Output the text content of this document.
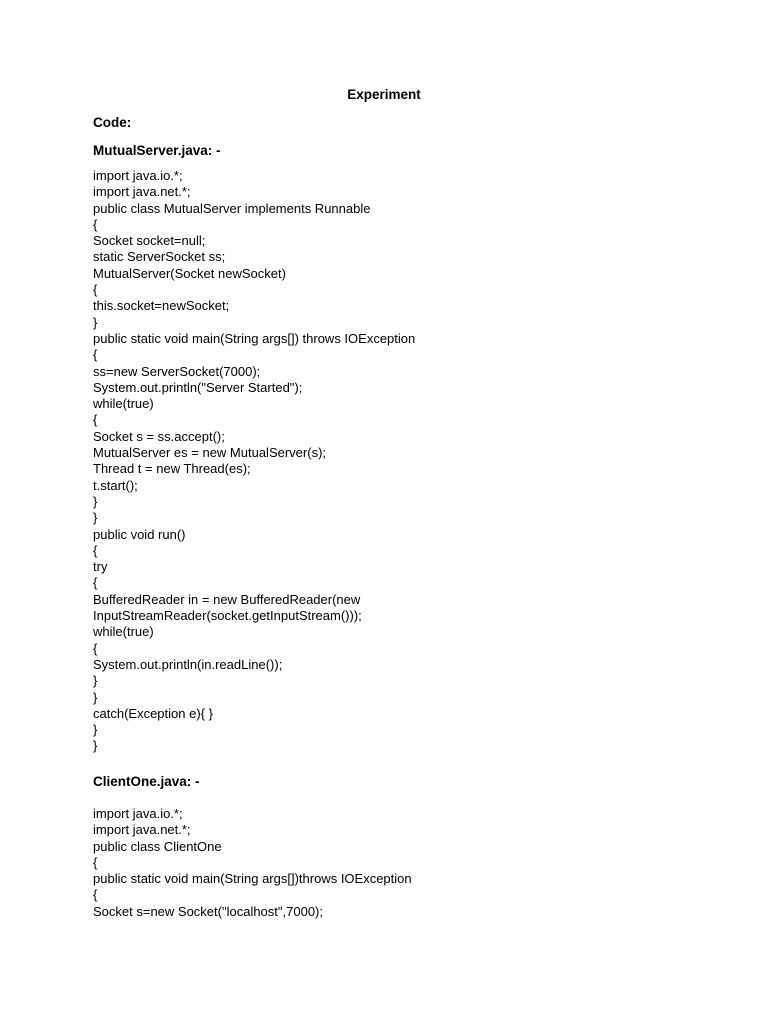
Experiment
Code:
MutualServer.java: -
import java.io.*;
import java.net.*;
public class MutualServer implements Runnable
{
Socket socket=null;
static ServerSocket ss;
MutualServer(Socket newSocket)
{
this.socket=newSocket;
}
public static void main(String args[]) throws IOException
{
ss=new ServerSocket(7000);
System.out.println("Server Started");
while(true)
{
Socket s = ss.accept();
MutualServer es = new MutualServer(s);
Thread t = new Thread(es);
t.start();
}
}
public void run()
{
try
{
BufferedReader in = new BufferedReader(new
InputStreamReader(socket.getInputStream()));
while(true)
{
System.out.println(in.readLine());
}
}
catch(Exception e){ }
}
}
ClientOne.java: -
import java.io.*;
import java.net.*;
public class ClientOne
{
public static void main(String args[])throws IOException
{
Socket s=new Socket("localhost",7000);
